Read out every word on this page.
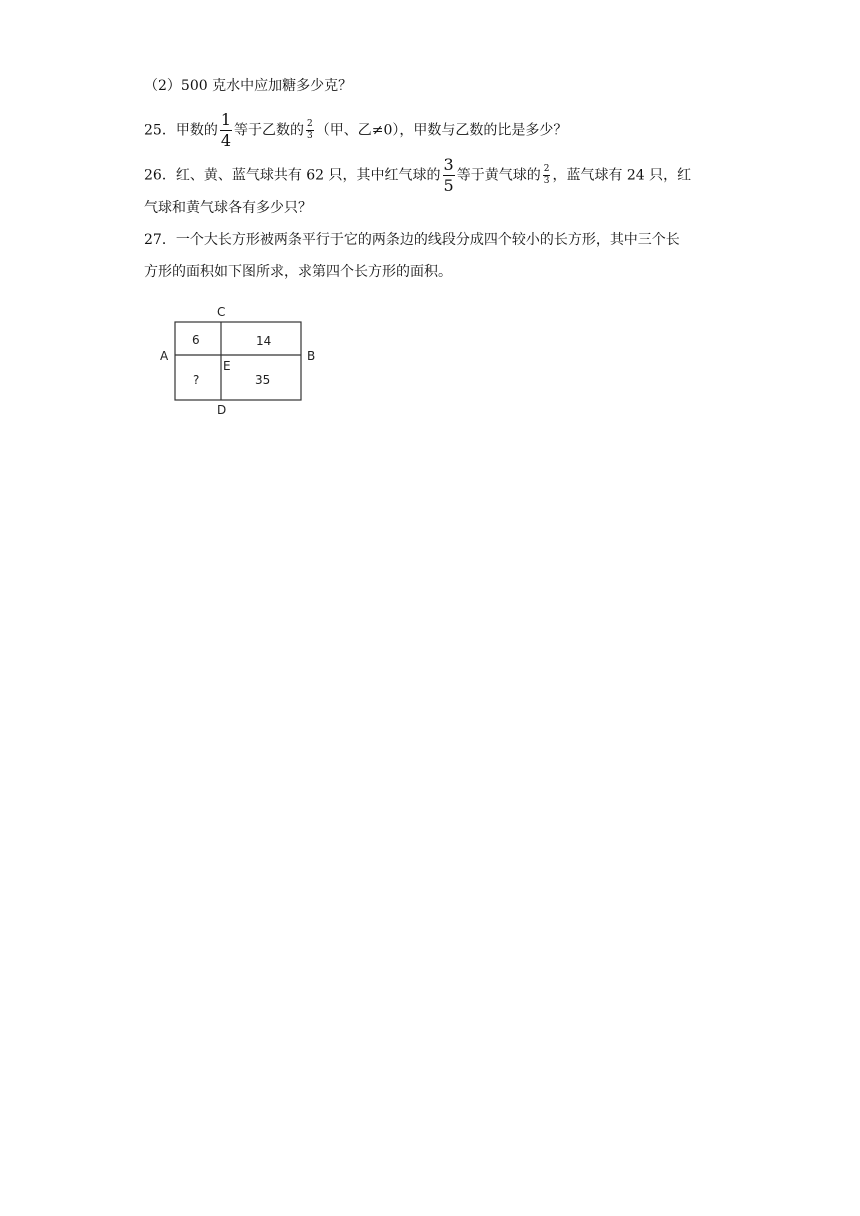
（2）500 克水中应加糖多少克？
25．甲数的 $\frac{1}{4}$ 等于乙数的 $\frac{2}{3}$ （甲、乙≠0），甲数与乙数的比是多少？
26．红、黄、蓝气球共有 62 只，其中红气球的 $\frac{3}{5}$ 等于黄气球的 $\frac{2}{3}$ ，蓝气球有 24 只，红
气球和黄气球各有多少只？
27．一个大长方形被两条平行于它的两条边的线段分成四个较小的长方形，其中三个长
方形的面积如下图所求，求第四个长方形的面积。
C
A	B
D
E
6	14
?	35
